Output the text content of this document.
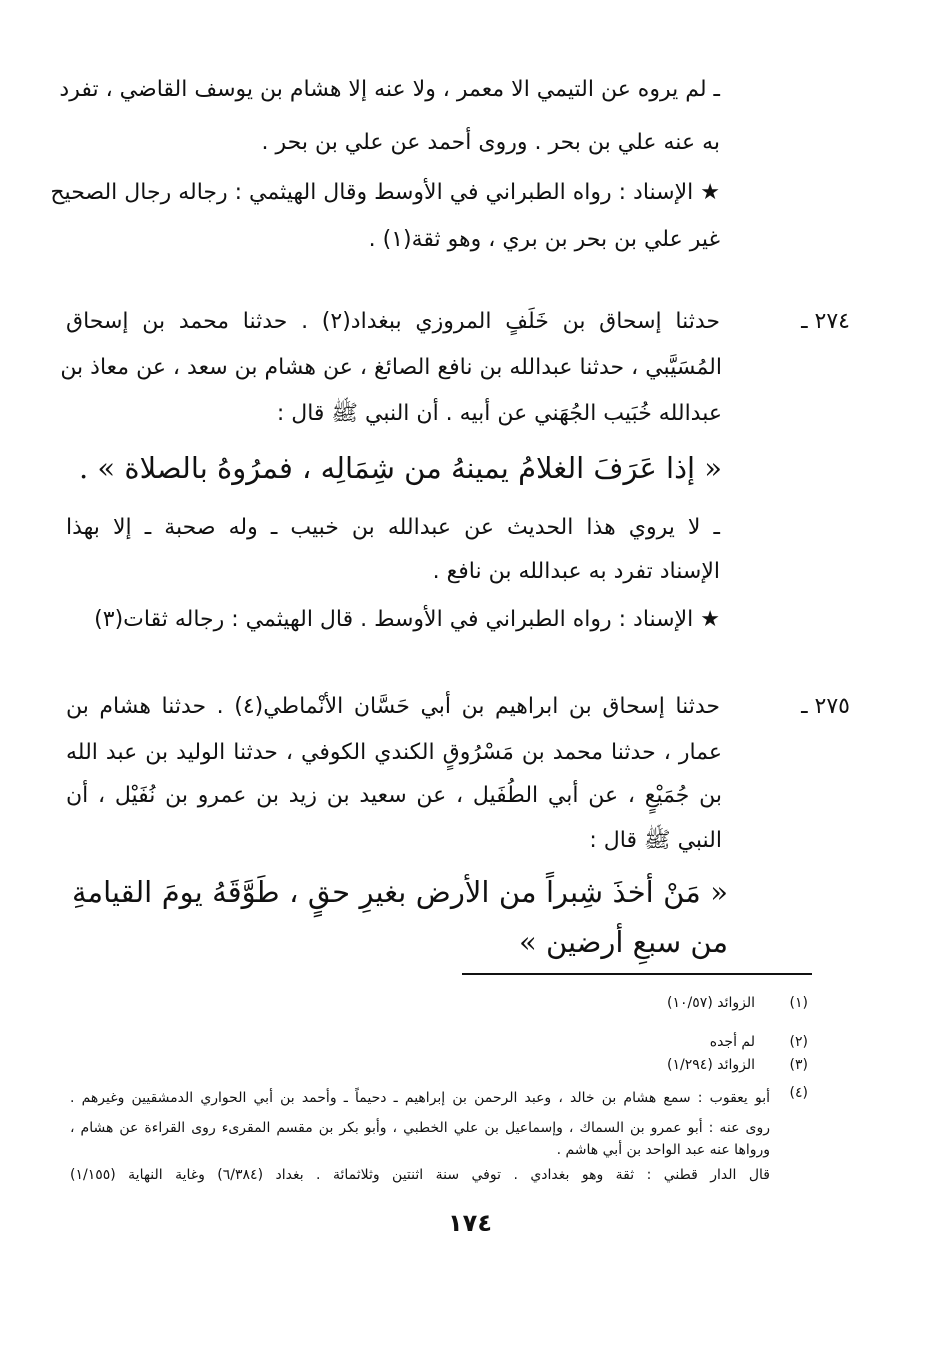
ـ لم يروه عن التيمي الا معمر ، ولا عنه إلا هشام بن يوسف القاضي ، تفرد
به عنه علي بن بحر . وروى أحمد عن علي بن بحر .
★ الإسناد : رواه الطبراني في الأوسط وقال الهيثمي : رجاله رجال الصحيح
غير علي بن بحر بن بري ، وهو ثقة(١) .
٢٧٤ ـ
حدثنا إسحاق بن خَلَفٍ المروزي ببغداد(٢) . حدثنا محمد بن إسحاق
المُسَيَّبي ، حدثنا عبدالله بن نافع الصائغ ، عن هشام بن سعد ، عن معاذ بن
عبدالله خُبَيب الجُهَني عن أبيه . أن النبي ﷺ قال :
« إذا عَرَفَ الغلامُ يمينهُ من شِمَالِه ، فمرُوهُ بالصلاة » .
ـ لا يروي هذا الحديث عن عبدالله بن خبيب ـ وله صحبة ـ إلا بهذا
الإسناد تفرد به عبدالله بن نافع .
★ الإسناد : رواه الطبراني في الأوسط . قال الهيثمي : رجاله ثقات(٣)
٢٧٥ ـ
حدثنا إسحاق بن ابراهيم بن أبي حَسَّان الأنْماطي(٤) . حدثنا هشام بن
عمار ، حدثنا محمد بن مَسْرُوقٍ الكندي الكوفي ، حدثنا الوليد بن عبد الله
بن جُمَيْعٍ ، عن أبي الطُفَيل ، عن سعيد بن زيد بن عمرو بن نُفَيْل ، أن
النبي ﷺ قال :
« مَنْ أخذَ شِبراً من الأرض بغيرِ حقٍ ، طَوَّقَهُ يومَ القيامةِ
من سبعِ أرضين »
(١)
الزوائد (١٠/٥٧)
(٢)
لم أجده
(٣)
الزوائد (١/٢٩٤)
(٤)
أبو يعقوب : سمع هشام بن خالد ، وعبد الرحمن بن إبراهيم ـ دحيماً ـ وأحمد بن أبي الحواري الدمشقيين وغيرهم .
روى عنه : أبو عمرو بن السماك ، وإسماعيل بن علي الخطبي ، وأبو بكر بن مقسم المقرىء روى القراءة عن هشام ،
ورواها عنه عبد الواحد بن أبي هاشم .
قال الدار قطني : ثقة وهو بغدادي . توفي سنة اثنتين وثلاثمائة . بغداد (٦/٣٨٤) وغاية النهاية (١/١٥٥)
١٧٤
